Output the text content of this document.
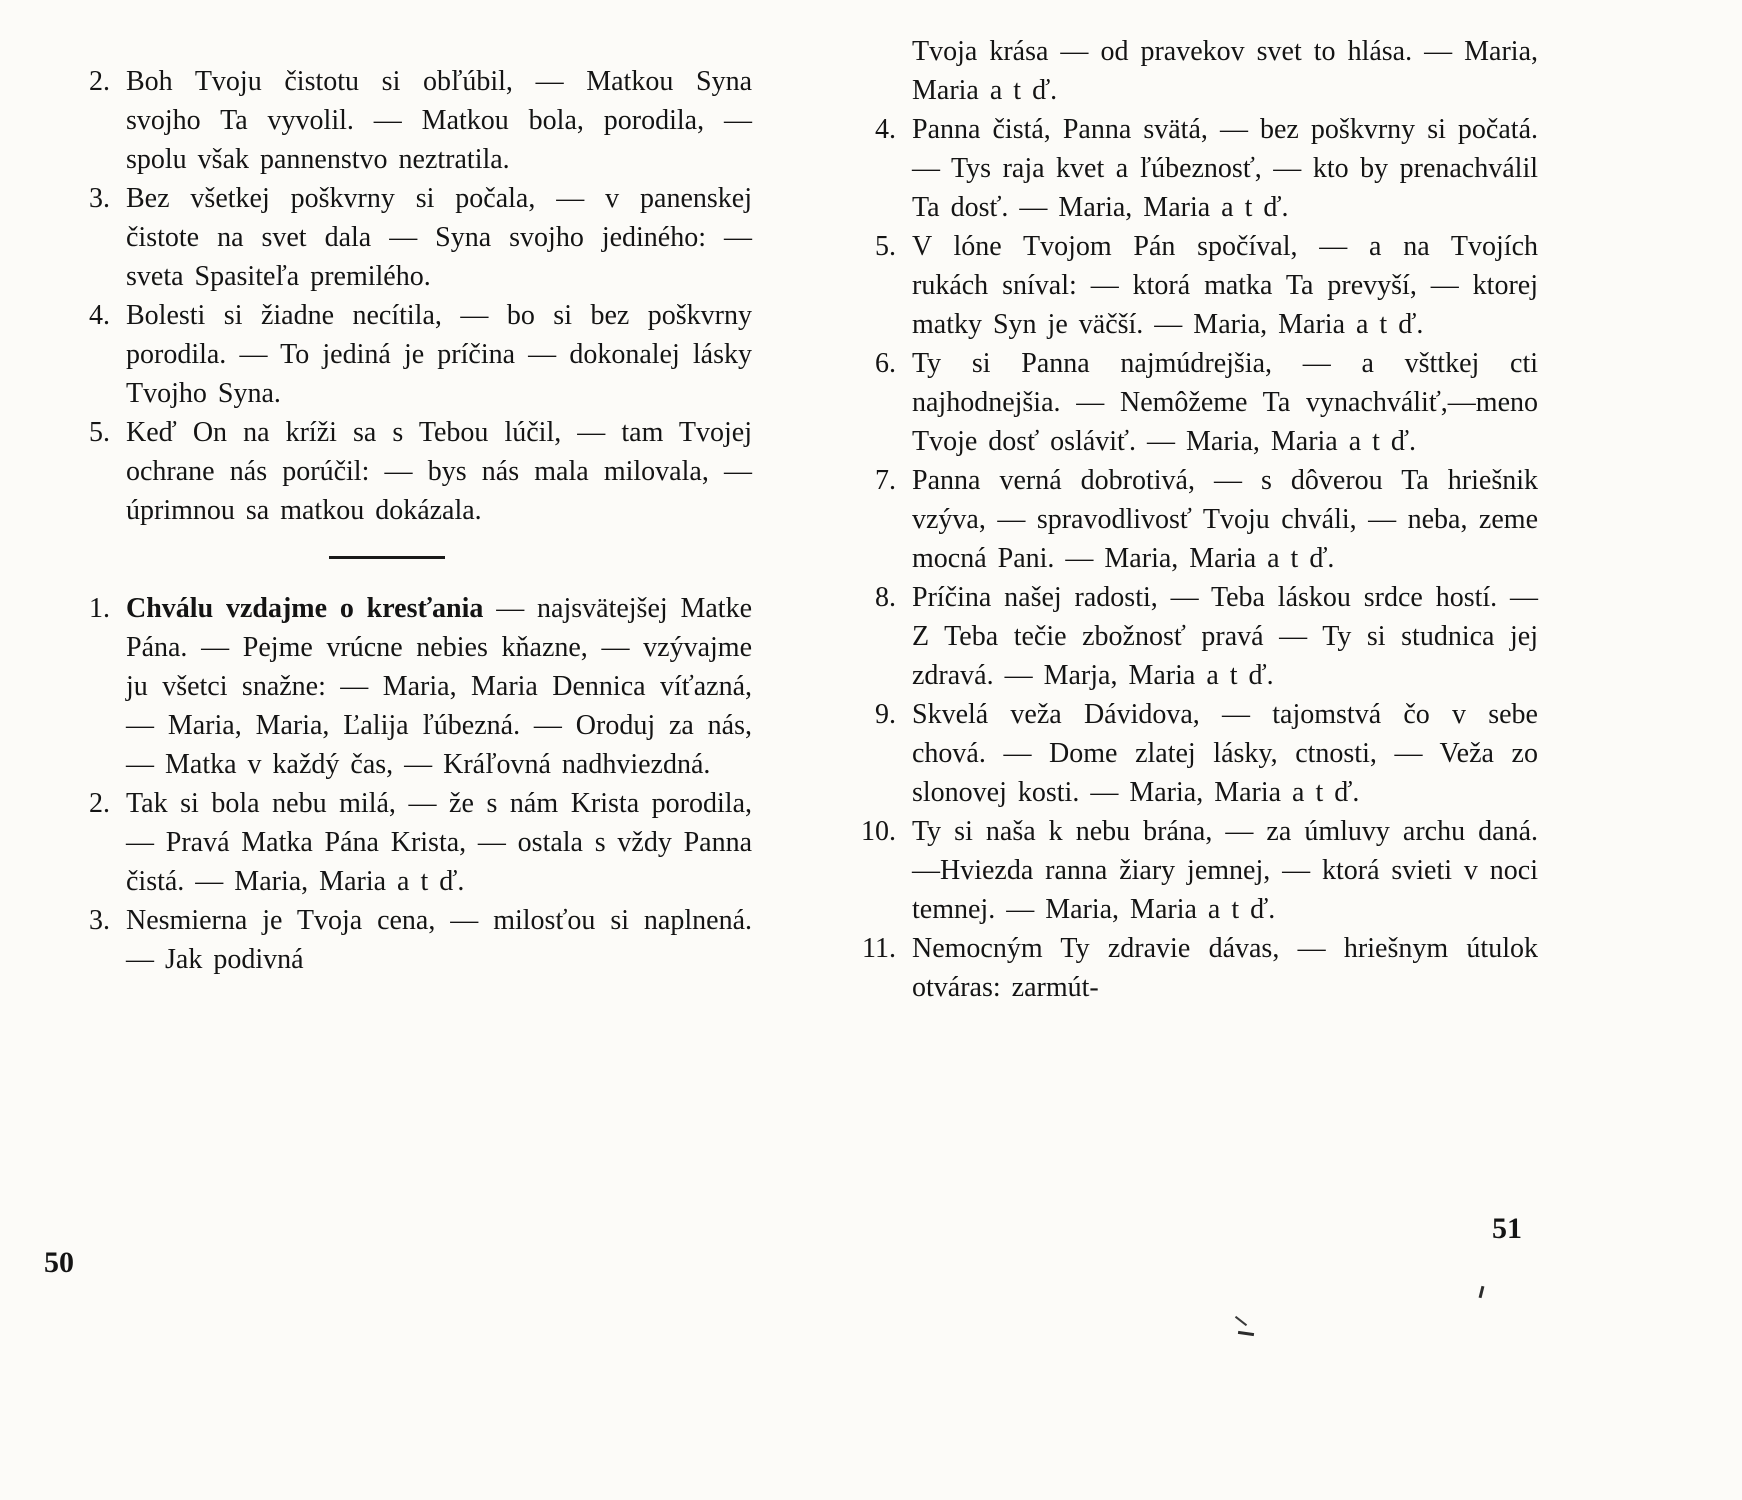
2. Boh Tvoju čistotu si obľúbil, — Matkou Syna svojho Ta vyvolil. — Matkou bola, porodila, — spolu však pannenstvo neztratila.
3. Bez všetkej poškvrny si počala, — v panenskej čistote na svet dala — Syna svojho jediného: — sveta Spasiteľa premilého.
4. Bolesti si žiadne necítila, — bo si bez poškvrny porodila. — To jediná je príčina — dokonalej lásky Tvojho Syna.
5. Keď On na kríži sa s Tebou lúčil, — tam Tvojej ochrane nás porúčil: — bys nás mala milovala, — úprimnou sa matkou dokázala.
1. Chválu vzdajme o kresťania — najsvätejšej Matke Pána. — Pejme vrúcne nebies kňazne, — vzývajme ju všetci snažne: — Maria, Maria Dennica víťazná, — Maria, Maria, Ľalija ľúbezná. — Oroduj za nás, — Matka v každý čas, — Kráľovná nadhviezdná.
2. Tak si bola nebu milá, — že s nám Krista porodila, — Pravá Matka Pána Krista, — ostala s vždy Panna čistá. — Maria, Maria a t ď.
3. Nesmierna je Tvoja cena, — milosťou si naplnená. — Jak podivná
Tvoja krása — od pravekov svet to hlása. — Maria, Maria a t ď.
4. Panna čistá, Panna svätá, — bez poškvrny si počatá. — Tys raja kvet a ľúbeznosť, — kto by prenachválil Ta dosť. — Maria, Maria a t ď.
5. V lóne Tvojom Pán spočíval, — a na Tvojích rukách sníval: — ktorá matka Ta prevyší, — ktorej matky Syn je väčší. — Maria, Maria a t ď.
6. Ty si Panna najmúdrejšia, — a všttkej cti najhodnejšia. — Nemôžeme Ta vynachváliť,—meno Tvoje dosť osláviť. — Maria, Maria a t ď.
7. Panna verná dobrotivá, — s dôverou Ta hriešnik vzýva, — spravodlivosť Tvoju chváli, — neba, zeme mocná Pani. — Maria, Maria a t ď.
8. Príčina našej radosti, — Teba láskou srdce hostí. — Z Teba tečie zbožnosť pravá — Ty si studnica jej zdravá. — Marja, Maria a t ď.
9. Skvelá veža Dávidova, — tajomstvá čo v sebe chová. — Dome zlatej lásky, ctnosti, — Veža zo slonovej kosti. — Maria, Maria a t ď.
10. Ty si naša k nebu brána, — za úmluvy archu daná.—Hviezda ranna žiary jemnej, — ktorá svieti v noci temnej. — Maria, Maria a t ď.
11. Nemocným Ty zdravie dávas, — hriešnym útulok otváras: zarmút-
50
51
